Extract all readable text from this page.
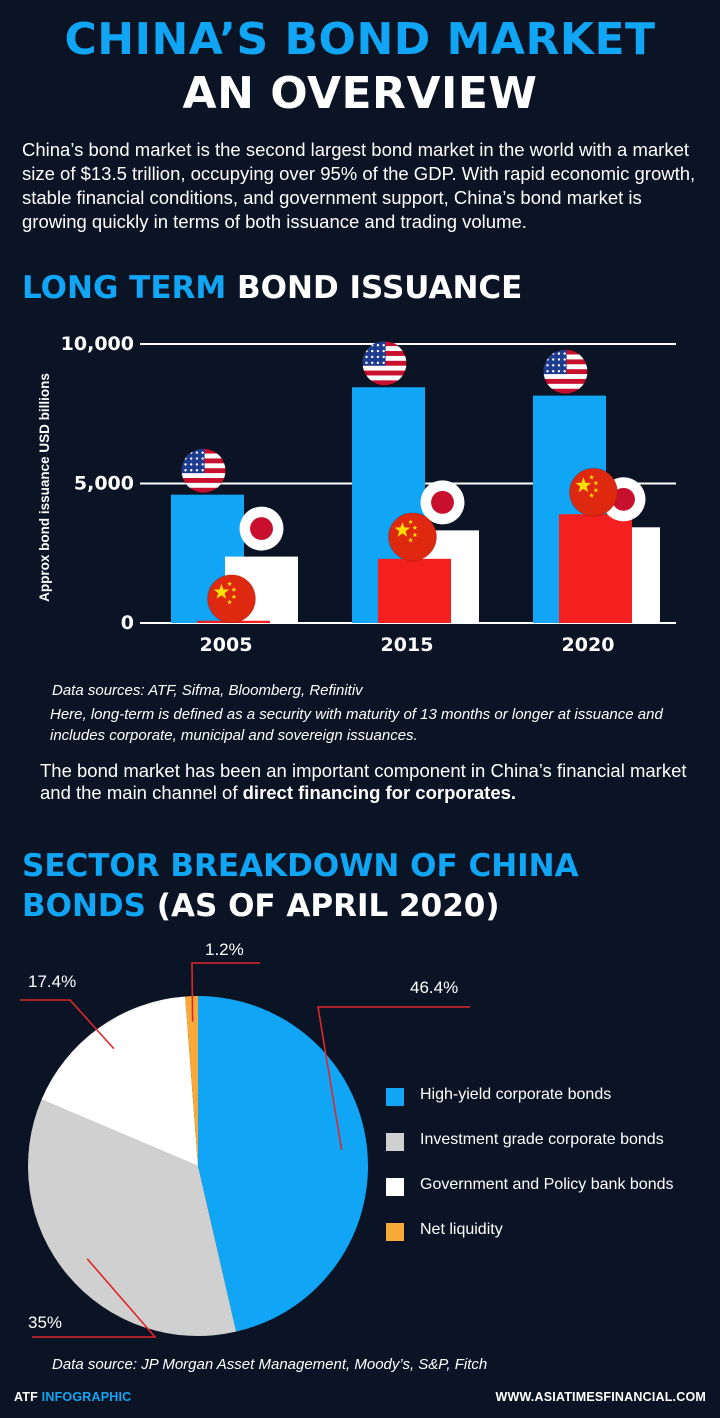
CHINA’S BOND MARKET
AN OVERVIEW
China’s bond market is the second largest bond market in the world with a market size of $13.5 trillion, occupying over 95% of the GDP. With rapid economic growth, stable financial conditions, and government support, China’s bond market is growing quickly in terms of both issuance and trading volume.
LONG TERM BOND ISSUANCE
0
5,000
10,000
Approx bond issuance USD billions
2005	2015	2020
Data sources: ATF, Sifma, Bloomberg, Refinitiv
Here, long-term is defined as a security with maturity of 13 months or longer at issuance and includes corporate, municipal and sovereign issuances.
The bond market has been an important component in China’s financial market and the main channel of direct financing for corporates.
SECTOR BREAKDOWN OF CHINA BONDS (AS OF APRIL 2020)
46.4%
35%
17.4%
1.2%
High-yield corporate bonds
Investment grade corporate bonds
Government and Policy bank bonds
Net liquidity
Data source: JP Morgan Asset Management, Moody’s, S&P, Fitch
ATF INFOGRAPHIC	WWW.ASIATIMESFINANCIAL.COM
